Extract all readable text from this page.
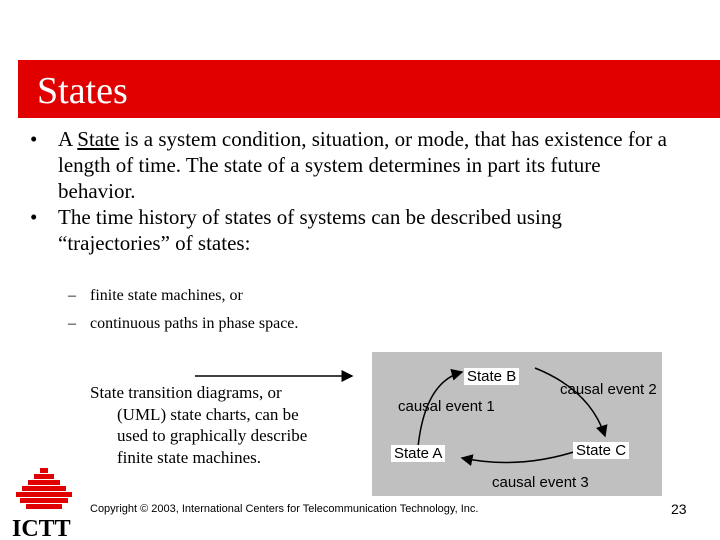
States
• A State is a system condition, situation, or mode, that has existence for a length of time. The state of a system determines in part its future behavior.
• The time history of states of systems can be described using “trajectories” of states:
– finite state machines, or
– continuous paths in phase space.
State transition diagrams, or
(UML) state charts, can be
used to graphically describe
finite state machines.
State B
State A	State C
causal event 1
causal event 2
causal event 3
ICTT
Copyright © 2003, International Centers for Telecommunication Technology, Inc.	23
